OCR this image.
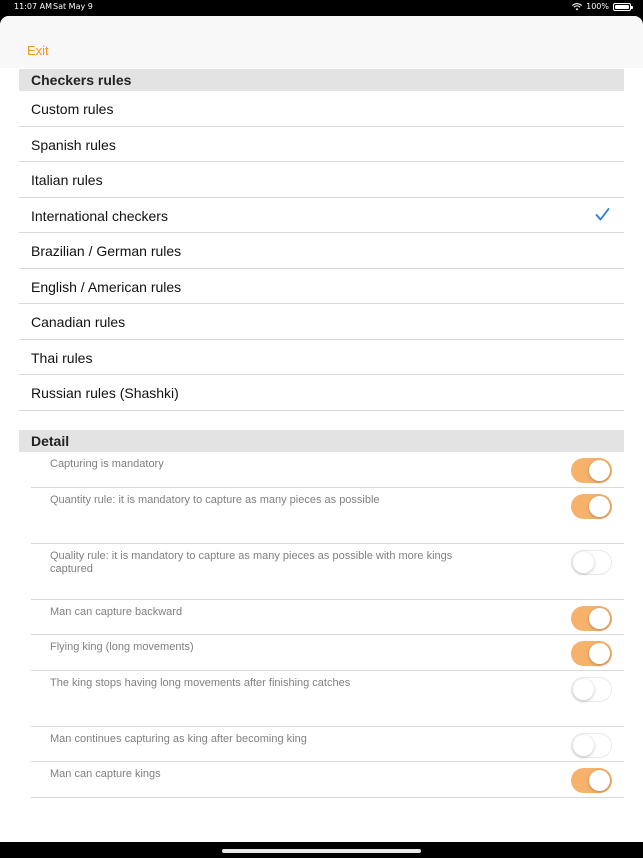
11:07 AM Sat May 9	100%
Exit
Checkers rules
Custom rules
Spanish rules
Italian rules
International checkers
Brazilian / German rules
English / American rules
Canadian rules
Thai rules
Russian rules (Shashki)
Detail
Capturing is mandatory
Quantity rule: it is mandatory to capture as many pieces as possible
Quality rule: it is mandatory to capture as many pieces as possible with more kings captured
Man can capture backward
Flying king (long movements)
The king stops having long movements after finishing catches
Man continues capturing as king after becoming king
Man can capture kings
